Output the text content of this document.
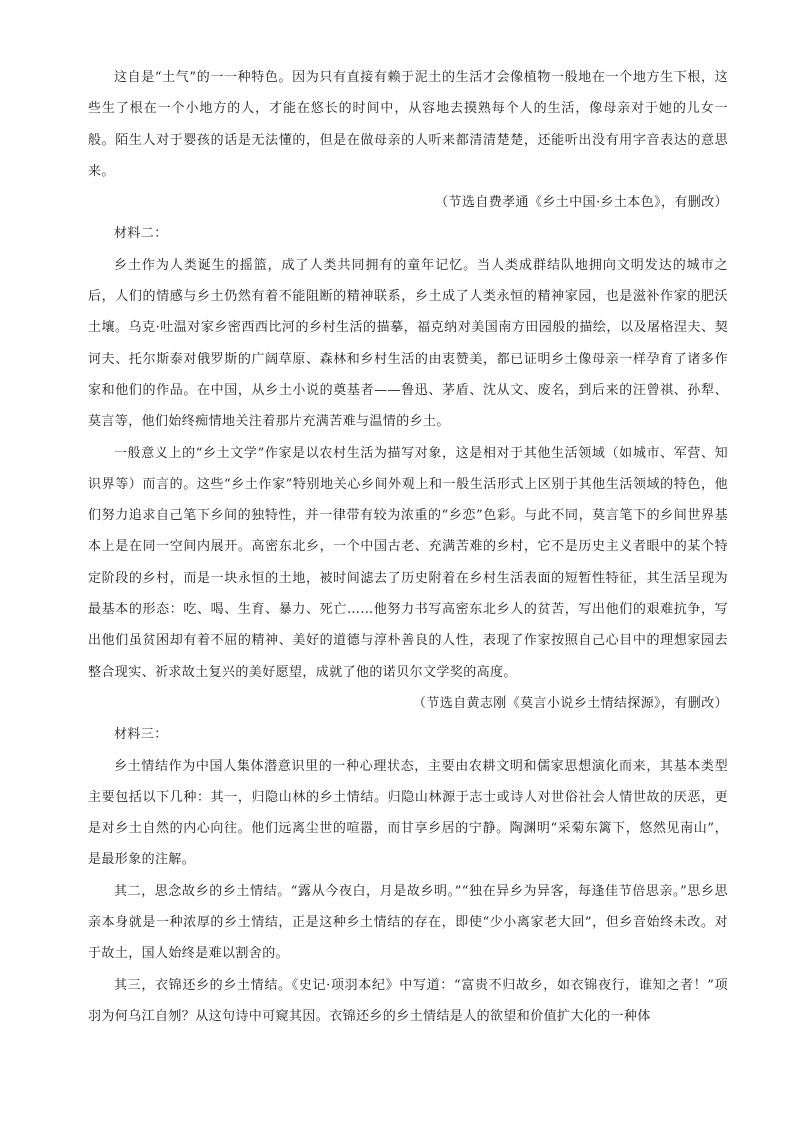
这自是“土气”的一一种特色。因为只有直接有赖于泥土的生活才会像植物一般地在一个地方生下根，这些生了根在一个小地方的人，才能在悠长的时间中，从容地去摸熟每个人的生活，像母亲对于她的儿女一般。陌生人对于婴孩的话是无法懂的，但是在做母亲的人听来都清清楚楚，还能听出没有用字音表达的意思来。

（节选自费孝通《乡土中国·乡土本色》，有删改）

材料二：

乡土作为人类诞生的摇篮，成了人类共同拥有的童年记忆。当人类成群结队地拥向文明发达的城市之后，人们的情感与乡土仍然有着不能阻断的精神联系，乡土成了人类永恒的精神家园，也是滋补作家的肥沃土壤。乌克·吐温对家乡密西西比河的乡村生活的描摹，福克纳对美国南方田园般的描绘，以及屠格涅夫、契诃夫、托尔斯泰对俄罗斯的广阔草原、森林和乡村生活的由衷赞美，都已证明乡土像母亲一样孕育了诸多作家和他们的作品。在中国，从乡土小说的奠基者——鲁迅、茅盾、沈从文、废名，到后来的汪曾祺、孙犁、莫言等，他们始终痴情地关注着那片充满苦难与温情的乡土。

一般意义上的“乡土文学”作家是以农村生活为描写对象，这是相对于其他生活领域（如城市、军营、知识界等）而言的。这些“乡土作家”特别地关心乡间外观上和一般生活形式上区别于其他生活领域的特色，他们努力追求自己笔下乡间的独特性，并一律带有较为浓重的“乡恋”色彩。与此不同，莫言笔下的乡间世界基本上是在同一空间内展开。高密东北乡，一个中国古老、充满苦难的乡村，它不是历史主义者眼中的某个特定阶段的乡村，而是一块永恒的土地，被时间滤去了历史附着在乡村生活表面的短暂性特征，其生活呈现为最基本的形态：吃、喝、生育、暴力、死亡……他努力书写高密东北乡人的贫苦，写出他们的艰难抗争，写出他们虽贫困却有着不屈的精神、美好的道德与淳朴善良的人性，表现了作家按照自己心目中的理想家园去整合现实、祈求故土复兴的美好愿望，成就了他的诺贝尔文学奖的高度。

（节选自黄志刚《莫言小说乡土情结探源》，有删改）

材料三：

乡土情结作为中国人集体潜意识里的一种心理状态，主要由农耕文明和儒家思想演化而来，其基本类型主要包括以下几种：其一，归隐山林的乡土情结。归隐山林源于志士或诗人对世俗社会人情世故的厌恶，更是对乡土自然的内心向往。他们远离尘世的喧嚣，而甘享乡居的宁静。陶渊明“采菊东篱下，悠然见南山”，是最形象的注解。

其二，思念故乡的乡土情结。“露从今夜白，月是故乡明。”“独在异乡为异客，每逢佳节倍思亲。”思乡思亲本身就是一种浓厚的乡土情结，正是这种乡土情结的存在，即使“少小离家老大回”，但乡音始终未改。对于故土，国人始终是难以割舍的。

其三，衣锦还乡的乡土情结。《史记·项羽本纪》中写道：“富贵不归故乡，如衣锦夜行，谁知之者！”项羽为何乌江自刎？从这句诗中可窥其因。衣锦还乡的乡土情结是人的欲望和价值扩大化的一种体
